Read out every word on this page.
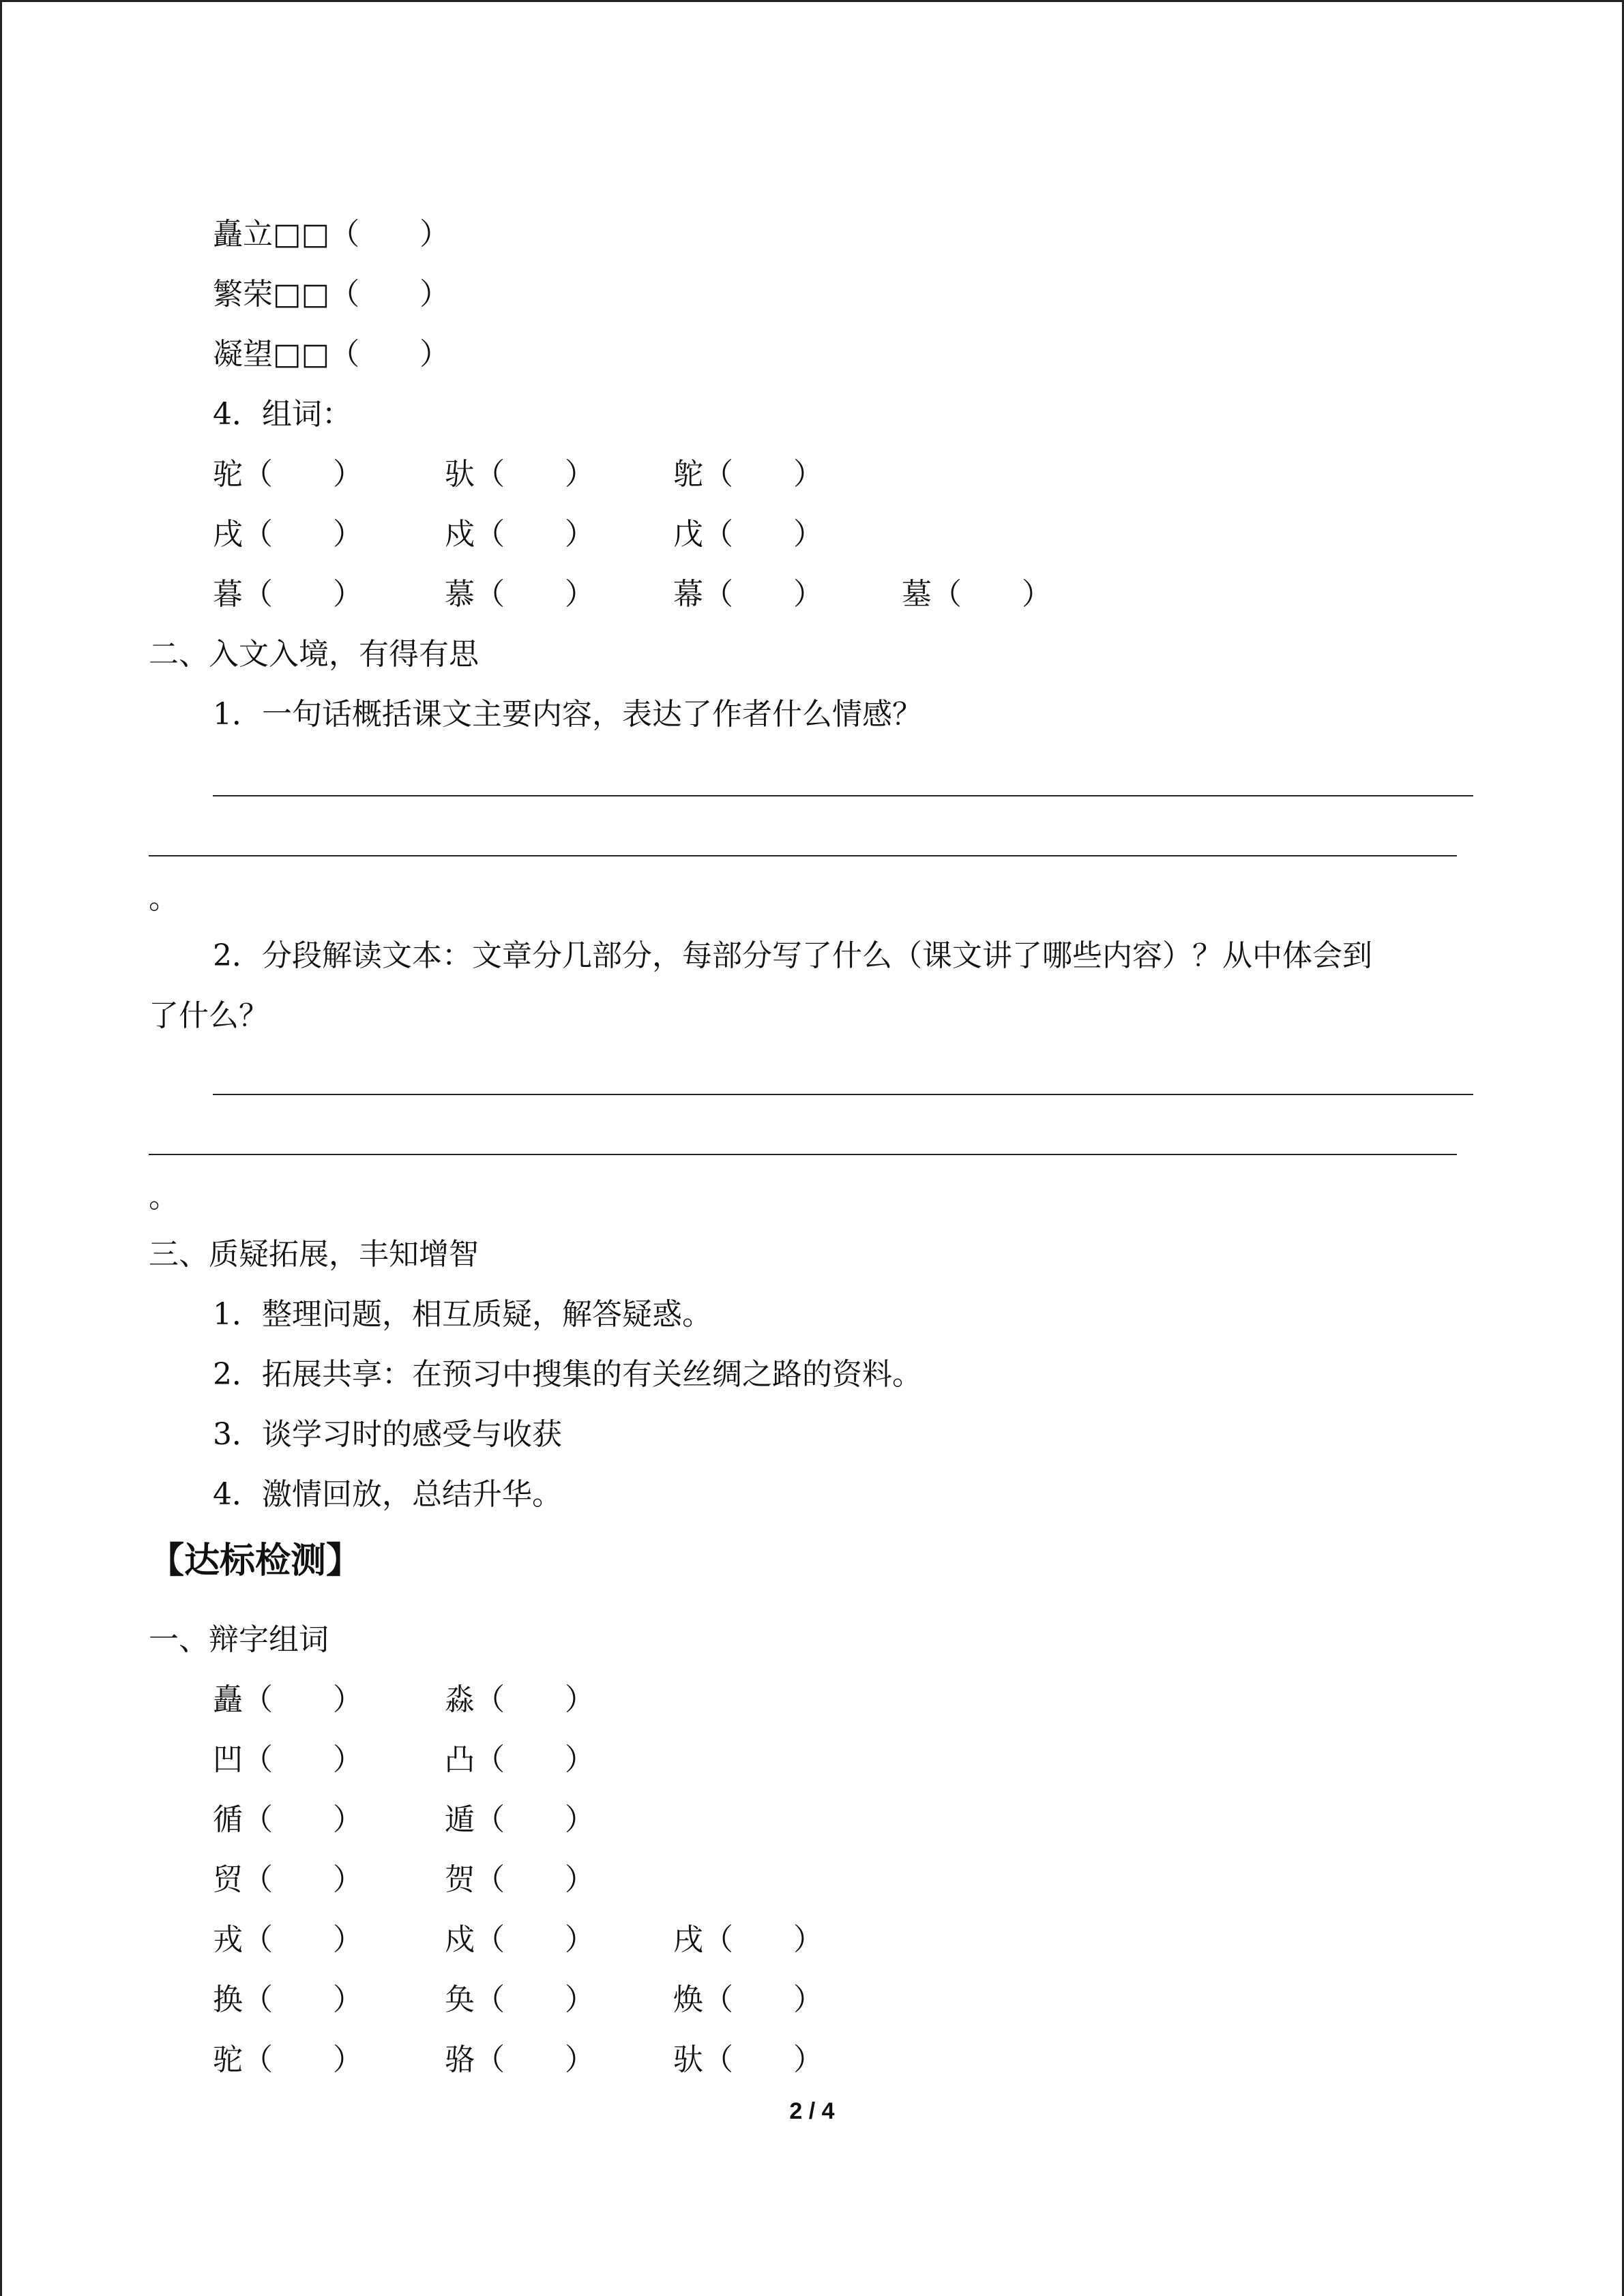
矗立□□（　　）
繁荣□□（　　）
凝望□□（　　）
4．组词：
驼（　　）	驮（　　）	鸵（　　）
戌（　　）	戍（　　）	戊（　　）
暮（　　）	慕（　　）	幕（　　）	墓（　　）
二、入文入境，有得有思
1．一句话概括课文主要内容，表达了作者什么情感？
。
2．分段解读文本：文章分几部分，每部分写了什么（课文讲了哪些内容）？从中体会到
了什么？
。
三、质疑拓展，丰知增智
1．整理问题，相互质疑，解答疑惑。
2．拓展共享：在预习中搜集的有关丝绸之路的资料。
3．谈学习时的感受与收获
4．激情回放，总结升华。
【达标检测】
一、辩字组词
矗（　　）	淼（　　）
凹（　　）	凸（　　）
循（　　）	遁（　　）
贸（　　）	贺（　　）
戎（　　）	戍（　　）	戌（　　）
换（　　）	奂（　　）	焕（　　）
驼（　　）	骆（　　）	驮（　　）
2 / 4
